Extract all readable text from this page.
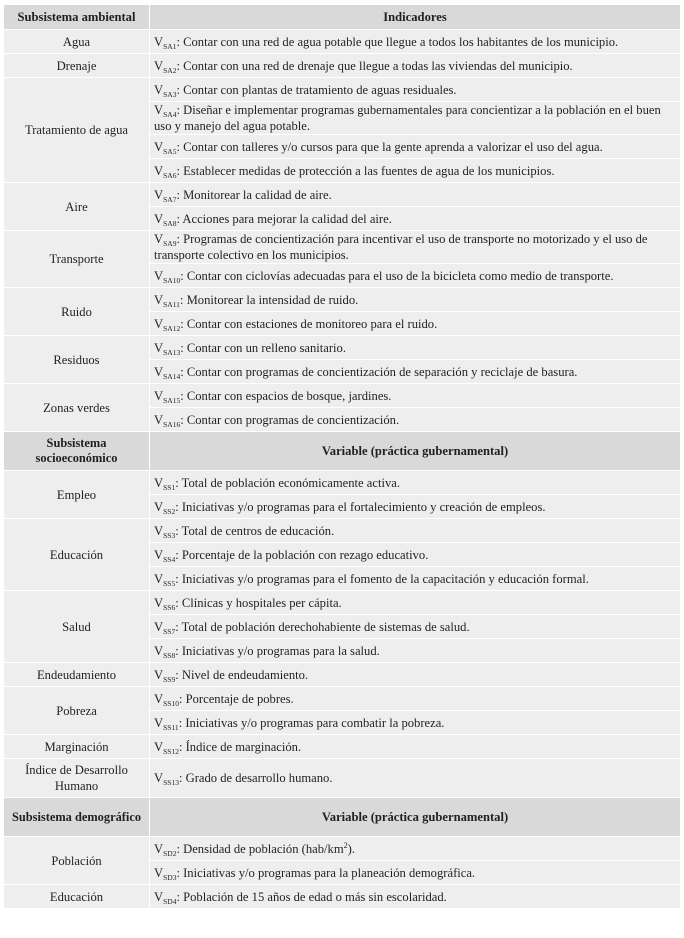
Subsistema ambiental	Indicadores
Agua	$V_{SA1}$: Contar con una red de agua potable que llegue a todos los habitantes de los municipio.
Drenaje	$V_{SA2}$: Contar con una red de drenaje que llegue a todas las viviendas del municipio.
Tratamiento de agua	$V_{SA3}$: Contar con plantas de tratamiento de aguas residuales.
	$V_{SA4}$: Diseñar e implementar programas gubernamentales para concientizar a la población en el buen uso y manejo del agua potable.
	$V_{SA5}$: Contar con talleres y/o cursos para que la gente aprenda a valorizar el uso del agua.
	$V_{SA6}$: Establecer medidas de protección a las fuentes de agua de los municipios.
Aire	$V_{SA7}$: Monitorear la calidad de aire.
	$V_{SA8}$: Acciones para mejorar la calidad del aire.
Transporte	$V_{SA9}$: Programas de concientización para incentivar el uso de transporte no motorizado y el uso de transporte colectivo en los municipios.
	$V_{SA10}$: Contar con ciclovías adecuadas para el uso de la bicicleta como medio de transporte.
Ruido	$V_{SA11}$: Monitorear la intensidad de ruido.
	$V_{SA12}$: Contar con estaciones de monitoreo para el ruido.
Residuos	$V_{SA13}$: Contar con un relleno sanitario.
	$V_{SA14}$: Contar con programas de concientización de separación y reciclaje de basura.
Zonas verdes	$V_{SA15}$: Contar con espacios de bosque, jardines.
	$V_{SA16}$: Contar con programas de concientización.
Subsistema socioeconómico	Variable (práctica gubernamental)
Empleo	$V_{SS1}$: Total de población económicamente activa.
	$V_{SS2}$: Iniciativas y/o programas para el fortalecimiento y creación de empleos.
Educación	$V_{SS3}$: Total de centros de educación.
	$V_{SS4}$: Porcentaje de la población con rezago educativo.
	$V_{SS5}$: Iniciativas y/o programas para el fomento de la capacitación y educación formal.
Salud	$V_{SS6}$: Clínicas y hospitales per cápita.
	$V_{SS7}$: Total de población derechohabiente de sistemas de salud.
	$V_{SS8}$: Iniciativas y/o programas para la salud.
Endeudamiento	$V_{SS9}$: Nivel de endeudamiento.
Pobreza	$V_{SS10}$: Porcentaje de pobres.
	$V_{SS11}$: Iniciativas y/o programas para combatir la pobreza.
Marginación	$V_{SS12}$: Índice de marginación.
Índice de Desarrollo Humano	$V_{SS13}$: Grado de desarrollo humano.
Subsistema demográfico	Variable (práctica gubernamental)
Población	$V_{SD2}$: Densidad de población $(hab/km^2)$.
	$V_{SD3}$: Iniciativas y/o programas para la planeación demográfica.
Educación	$V_{SD4}$: Población de 15 años de edad o más sin escolaridad.
